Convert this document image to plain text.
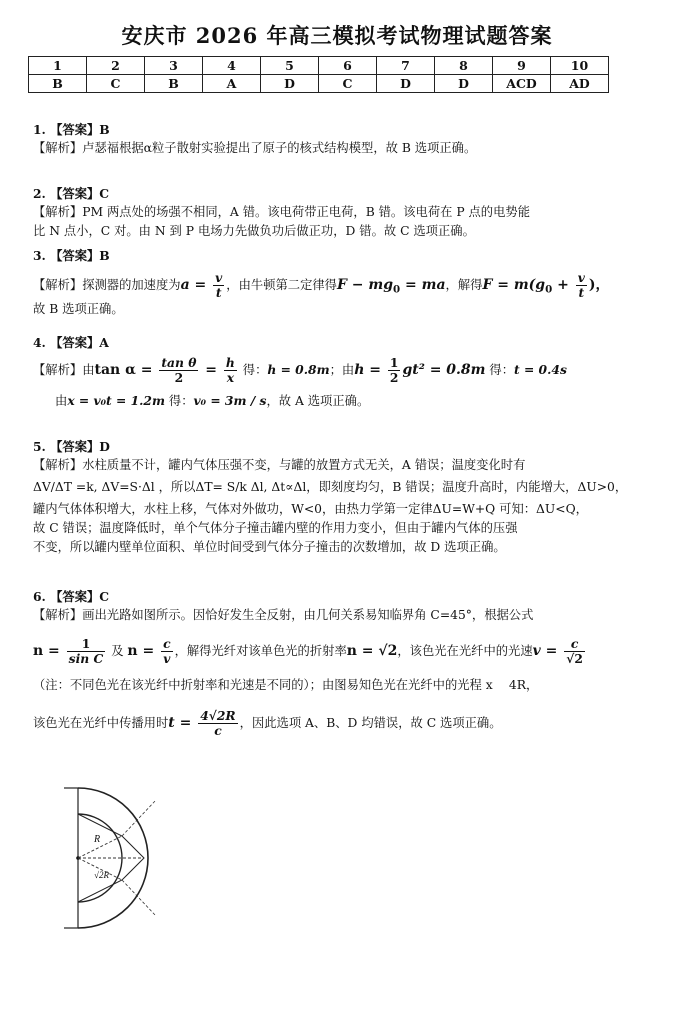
安庆市 2026 年高三模拟考试物理试题答案
1	2	3	4	5	6	7	8	9	10
B	C	B	A	D	C	D	D	ACD	AD
1. 【答案】B
【解析】卢瑟福根据α粒子散射实验提出了原子的核式结构模型，故 B 选项正确。
2. 【答案】C
【解析】PM 两点处的场强不相同，A 错。该电荷带正电荷，B 错。该电荷在 P 点的电势能
比 N 点小，C 对。由 N 到 P 电场力先做负功后做正功，D 错。故 C 选项正确。
3. 【答案】B
【解析】探测器的加速度为$a = \frac{v}{t}$ ，由牛顿第二定律得$F - mg_0$ = ma，解得$F = m(g_0 + \frac{v}{t}$ )，
故 B 选项正确。
4. 【答案】A
【解析】由$\tan \alpha = \frac{\text{tan θ}}{2} = \frac{h}{x}$ 得：h = 0.8m；由$h = \frac{1}{2} gt^2 = 0.8m$ 得：t = 0.4s
由x = v₀t = 1.2m 得：v₀ = 3m / s，故 A 选项正确。
5. 【答案】D
【解析】水柱质量不计，罐内气体压强不变，与罐的放置方式无关，A 错误；温度变化时有
ΔV/ΔT =k, ΔV=S·Δl ，所以ΔT= S/k Δl, Δt∝Δl，即刻度均匀，B 错误；温度升高时，内能增大，ΔU>0，
罐内气体体积增大，水柱上移，气体对外做功，W<0，由热力学第一定律ΔU=W+Q 可知：ΔU<Q，
故 C 错误；温度降低时，单个气体分子撞击罐内壁的作用力变小，但由于罐内气体的压强
不变，所以罐内壁单位面积、单位时间受到气体分子撞击的次数增加，故 D 选项正确。
6. 【答案】C
【解析】画出光路如图所示。因恰好发生全反射，由几何关系易知临界角 C=45°，根据公式
$n = \frac{1}{\text{sin C}}$ 及 $n = \frac{c}{v}$ ，解得光纤对该单色光的折射率n = √2，该色光在光纤中的光速$v = \frac{c}{√2}$
（注：不同色光在该光纤中折射率和光速是不同的）；由图易知色光在光纤中的光程 x 　4R，
该色光在光纤中传播用时$t = \frac{4√2R}{c}$ ，因此选项 A、B、D 均错误，故 C 选项正确。
R
√2R
